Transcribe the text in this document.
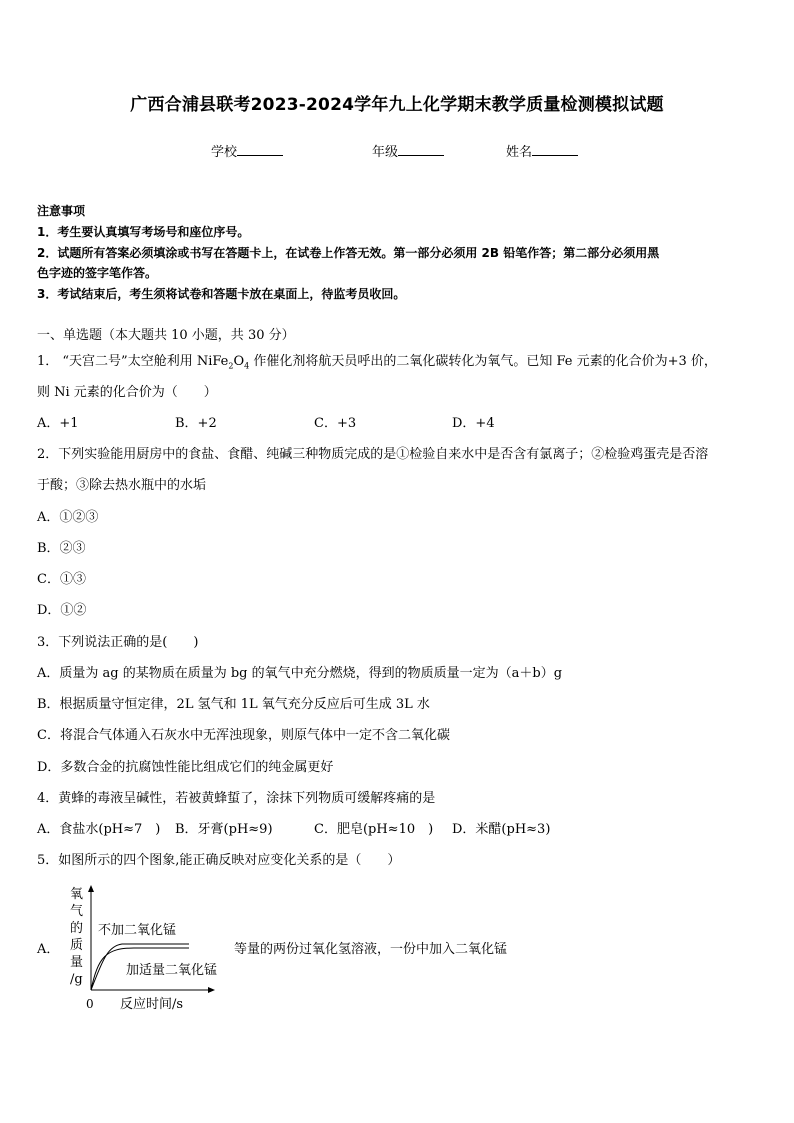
广西合浦县联考2023-2024学年九上化学期末教学质量检测模拟试题
学校	年级	姓名
注意事项
1．考生要认真填写考场号和座位序号。
2．试题所有答案必须填涂或书写在答题卡上，在试卷上作答无效。第一部分必须用 2B 铅笔作答；第二部分必须用黑
色字迹的签字笔作答。
3．考试结束后，考生须将试卷和答题卡放在桌面上，待监考员收回。
一、单选题（本大题共 10 小题，共 30 分）
1． “天宫二号”太空舱利用 $NiFe_2O_4$ 作催化剂将航天员呼出的二氧化碳转化为氧气。已知 Fe 元素的化合价为+3 价，
则 Ni 元素的化合价为（　　）
A．+1	B．+2	C．+3	D．+4
2．下列实验能用厨房中的食盐、食醋、纯碱三种物质完成的是①检验自来水中是否含有氯离子；②检验鸡蛋壳是否溶
于酸；③除去热水瓶中的水垢
A．①②③
B．②③
C．①③
D．①②
3．下列说法正确的是(　　)
A．质量为 ag 的某物质在质量为 bg 的氧气中充分燃烧，得到的物质质量一定为（a＋b）g
B．根据质量守恒定律，2L 氢气和 1L 氧气充分反应后可生成 3L 水
C．将混合气体通入石灰水中无浑浊现象，则原气体中一定不含二氧化碳
D．多数合金的抗腐蚀性能比组成它们的纯金属更好
4．黄蜂的毒液呈碱性，若被黄蜂蜇了，涂抹下列物质可缓解疼痛的是
A．食盐水(pH≈7　) B．牙膏(pH≈9)	C．肥皂(pH≈10　) D．米醋(pH≈3)
5．如图所示的四个图象,能正确反映对应变化关系的是（　　）
A．	等量的两份过氧化氢溶液，一份中加入二氧化锰
氧
气
的
质
量
/g
不加二氧化锰
加适量二氧化锰
0 反应时间/s
